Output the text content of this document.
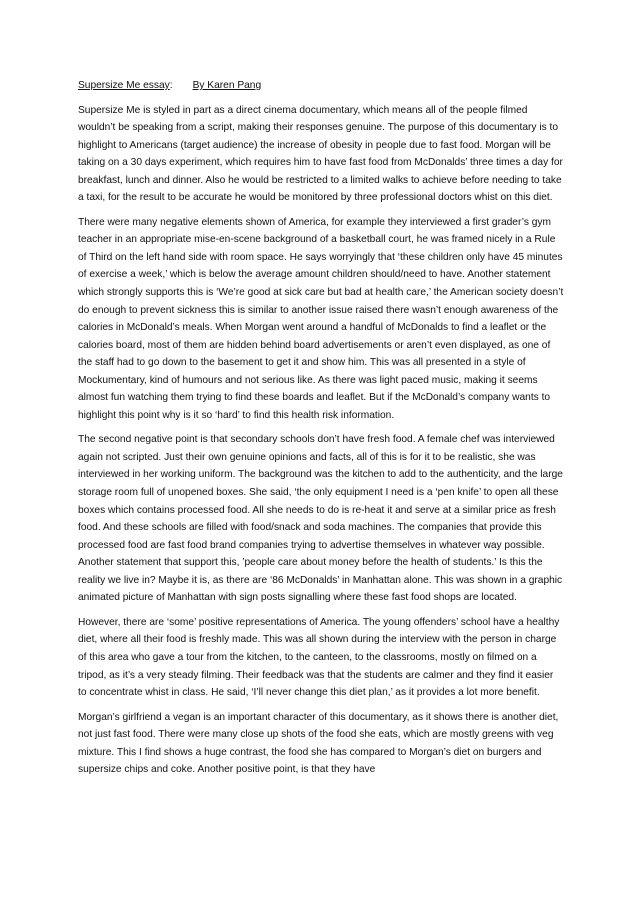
Supersize Me essay: By Karen Pang

Supersize Me is styled in part as a direct cinema documentary, which means all of the people filmed wouldn’t be speaking from a script, making their responses genuine. The purpose of this documentary is to highlight to Americans (target audience) the increase of obesity in people due to fast food. Morgan will be taking on a 30 days experiment, which requires him to have fast food from McDonalds’ three times a day for breakfast, lunch and dinner. Also he would be restricted to a limited walks to achieve before needing to take a taxi, for the result to be accurate he would be monitored by three professional doctors whist on this diet.

There were many negative elements shown of America, for example they interviewed a first grader’s gym teacher in an appropriate mise-en-scene background of a basketball court, he was framed nicely in a Rule of Third on the left hand side with room space. He says worryingly that ‘these children only have 45 minutes of exercise a week,’ which is below the average amount children should/need to have. Another statement which strongly supports this is ‘We’re good at sick care but bad at health care,’ the American society doesn’t do enough to prevent sickness this is similar to another issue raised there wasn’t enough awareness of the calories in McDonald’s meals. When Morgan went around a handful of McDonalds to find a leaflet or the calories board, most of them are hidden behind board advertisements or aren’t even displayed, as one of the staff had to go down to the basement to get it and show him. This was all presented in a style of Mockumentary, kind of humours and not serious like. As there was light paced music, making it seems almost fun watching them trying to find these boards and leaflet. But if the McDonald’s company wants to highlight this point why is it so ‘hard’ to find this health risk information.

The second negative point is that secondary schools don’t have fresh food. A female chef was interviewed again not scripted. Just their own genuine opinions and facts, all of this is for it to be realistic, she was interviewed in her working uniform. The background was the kitchen to add to the authenticity, and the large storage room full of unopened boxes. She said, ‘the only equipment I need is a ‘pen knife’ to open all these boxes which contains processed food. All she needs to do is re-heat it and serve at a similar price as fresh food. And these schools are filled with food/snack and soda machines. The companies that provide this processed food are fast food brand companies trying to advertise themselves in whatever way possible. Another statement that support this, ’people care about money before the health of students.’ Is this the reality we live in? Maybe it is, as there are ‘86 McDonalds’ in Manhattan alone. This was shown in a graphic animated picture of Manhattan with sign posts signalling where these fast food shops are located.

However, there are ‘some’ positive representations of America. The young offenders’ school have a healthy diet, where all their food is freshly made. This was all shown during the interview with the person in charge of this area who gave a tour from the kitchen, to the canteen, to the classrooms, mostly on filmed on a tripod, as it’s a very steady filming. Their feedback was that the students are calmer and they find it easier to concentrate whist in class. He said, ‘I’ll never change this diet plan,’ as it provides a lot more benefit.

Morgan’s girlfriend a vegan is an important character of this documentary, as it shows there is another diet, not just fast food. There were many close up shots of the food she eats, which are mostly greens with veg mixture. This I find shows a huge contrast, the food she has compared to Morgan’s diet on burgers and supersize chips and coke. Another positive point, is that they have
